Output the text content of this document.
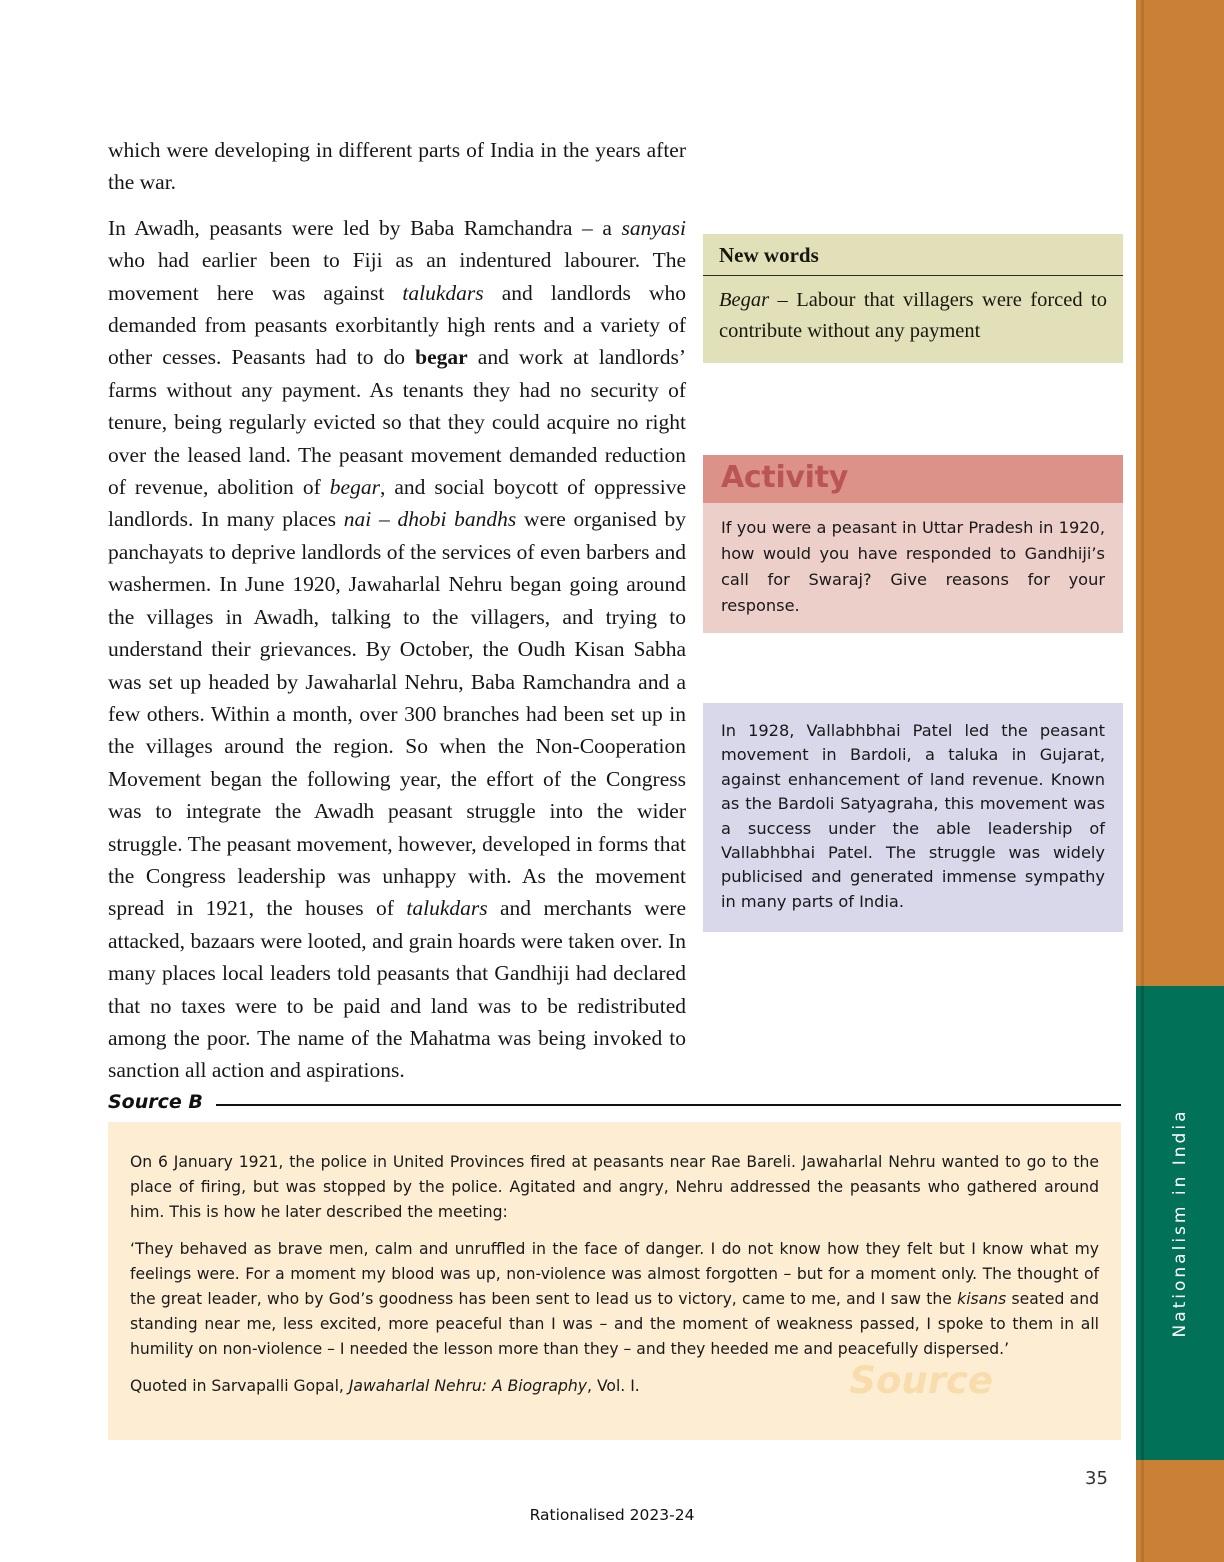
Nationalism in India

which were developing in different parts of India in the years after the war.

In Awadh, peasants were led by Baba Ramchandra – a sanyasi who had earlier been to Fiji as an indentured labourer. The movement here was against talukdars and landlords who demanded from peasants exorbitantly high rents and a variety of other cesses. Peasants had to do begar and work at landlords’ farms without any payment. As tenants they had no security of tenure, being regularly evicted so that they could acquire no right over the leased land. The peasant movement demanded reduction of revenue, abolition of begar, and social boycott of oppressive landlords. In many places nai – dhobi bandhs were organised by panchayats to deprive landlords of the services of even barbers and washermen. In June 1920, Jawaharlal Nehru began going around the villages in Awadh, talking to the villagers, and trying to understand their grievances. By October, the Oudh Kisan Sabha was set up headed by Jawaharlal Nehru, Baba Ramchandra and a few others. Within a month, over 300 branches had been set up in the villages around the region. So when the Non-Cooperation Movement began the following year, the effort of the Congress was to integrate the Awadh peasant struggle into the wider struggle. The peasant movement, however, developed in forms that the Congress leadership was unhappy with. As the movement spread in 1921, the houses of talukdars and merchants were attacked, bazaars were looted, and grain hoards were taken over. In many places local leaders told peasants that Gandhiji had declared that no taxes were to be paid and land was to be redistributed among the poor. The name of the Mahatma was being invoked to sanction all action and aspirations.

New words
Begar – Labour that villagers were forced to contribute without any payment
Activity
If you were a peasant in Uttar Pradesh in 1920, how would you have responded to Gandhiji’s call for Swaraj? Give reasons for your response.
In 1928, Vallabhbhai Patel led the peasant movement in Bardoli, a taluka in Gujarat, against enhancement of land revenue. Known as the Bardoli Satyagraha, this movement was a success under the able leadership of Vallabhbhai Patel. The struggle was widely publicised and generated immense sympathy in many parts of India.
Source B

On 6 January 1921, the police in United Provinces fired at peasants near Rae Bareli. Jawaharlal Nehru wanted to go to the place of firing, but was stopped by the police. Agitated and angry, Nehru addressed the peasants who gathered around him. This is how he later described the meeting:

‘They behaved as brave men, calm and unruffled in the face of danger. I do not know how they felt but I know what my feelings were. For a moment my blood was up, non-violence was almost forgotten – but for a moment only. The thought of the great leader, who by God’s goodness has been sent to lead us to victory, came to me, and I saw the kisans seated and standing near me, less excited, more peaceful than I was – and the moment of weakness passed, I spoke to them in all humility on non-violence – I needed the lesson more than they – and they heeded me and peacefully dispersed.’

Quoted in Sarvapalli Gopal, Jawaharlal Nehru: A Biography, Vol. I.	Source
35
Rationalised 2023-24
